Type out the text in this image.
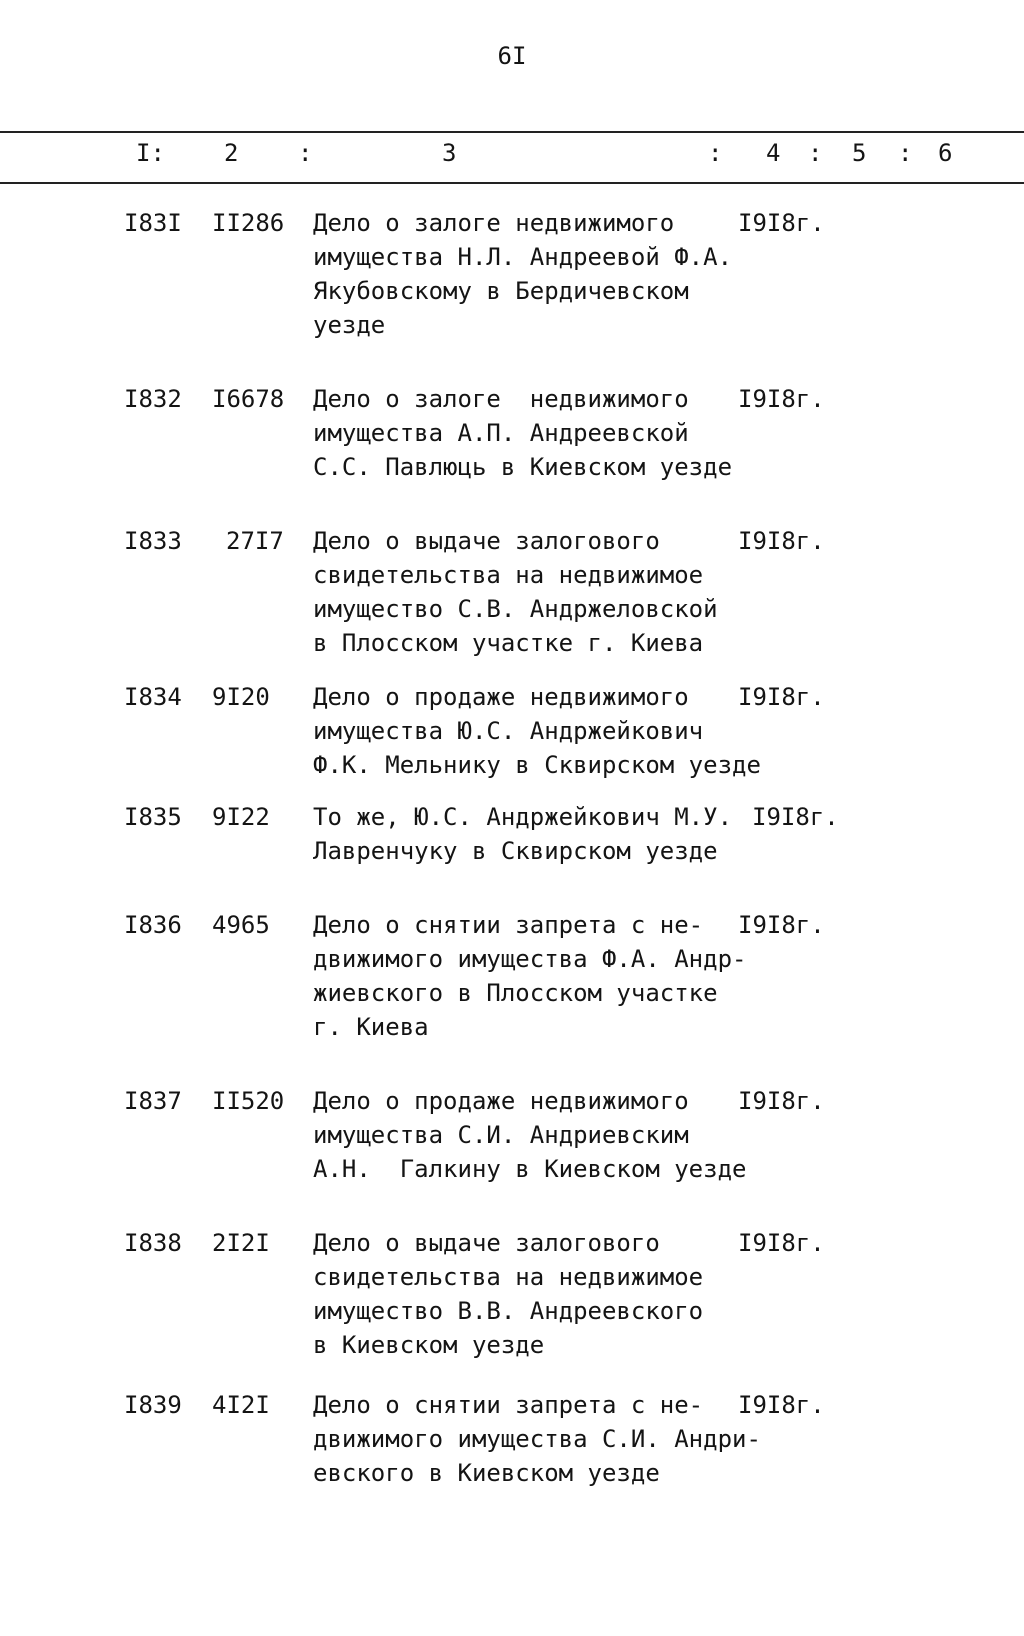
6I
I: 2 :	3	: 4 : 5 : 6
I83I II286 Дело о залоге недвижимого
имущества Н.Л. Андреевой Ф.А.
Якубовскому в Бердичевском
уезде
I9I8г.
I832 I6678 Дело о залоге  недвижимого
имущества А.П. Андреевской
С.С. Павлюць в Киевском уезде
I9I8г.
I833 27I7 Дело о выдаче залогового
свидетельства на недвижимое
имущество С.В. Андржеловской
в Плосском участке г. Киева
I9I8г.
I834 9I20 Дело о продаже недвижимого
имущества Ю.С. Андржейкович
Ф.К. Мельнику в Сквирском уезде
I9I8г.
I835 9I22 То же, Ю.С. Андржейкович М.У.
Лавренчуку в Сквирском уезде
I9I8г.
I836 4965 Дело о снятии запрета с не-
движимого имущества Ф.А. Андр-
жиевского в Плосском участке
г. Киева
I9I8г.
I837 II520 Дело о продаже недвижимого
имущества С.И. Андриевским
А.Н.  Галкину в Киевском уезде
I9I8г.
I838 2I2I Дело о выдаче залогового
свидетельства на недвижимое
имущество В.В. Андреевского
в Киевском уезде
I9I8г.
I839 4I2I Дело о снятии запрета с не-
движимого имущества С.И. Андри-
евского в Киевском уезде
I9I8г.
